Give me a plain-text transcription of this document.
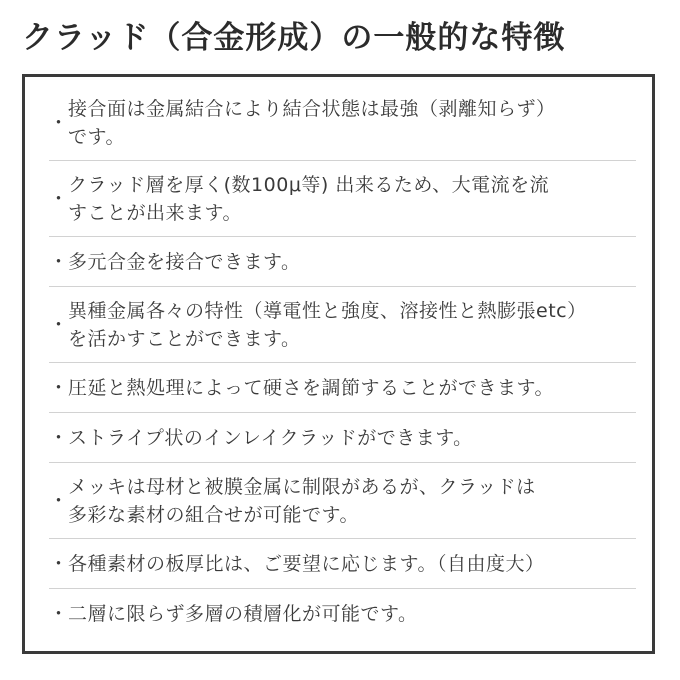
クラッド（合金形成）の一般的な特徴
・
接合面は金属結合により結合状態は最強（剥離知らず）
です。
・
クラッド層を厚く(数100μ等) 出来るため、大電流を流
すことが出来ます。
・ 多元合金を接合できます。
・
異種金属各々の特性（導電性と強度、溶接性と熱膨張etc）
を活かすことができます。
・ 圧延と熱処理によって硬さを調節することができます。
・ ストライプ状のインレイクラッドができます。
・
メッキは母材と被膜金属に制限があるが、クラッドは
多彩な素材の組合せが可能です。
・ 各種素材の板厚比は、ご要望に応じます。（自由度大）
・ 二層に限らず多層の積層化が可能です。
